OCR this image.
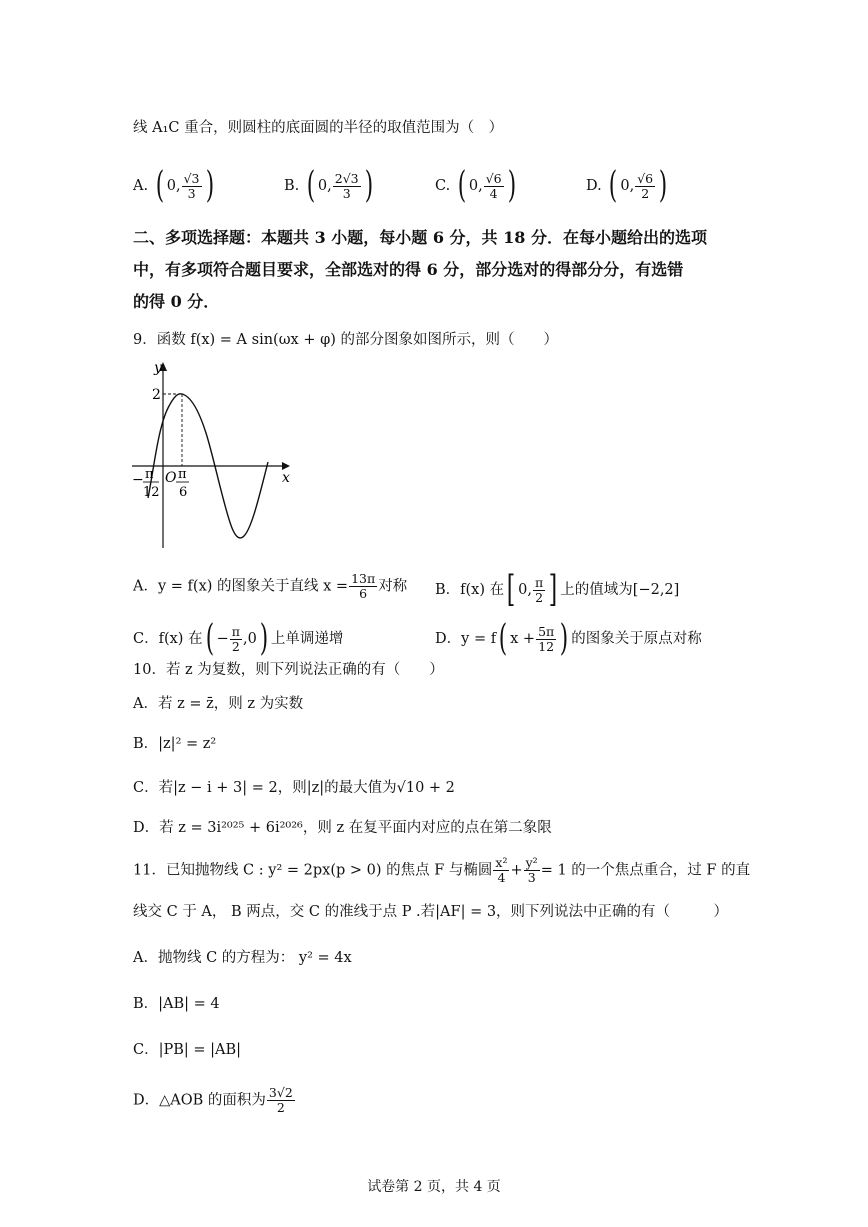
线 A₁C 重合，则圆柱的底面圆的半径的取值范围为（　）
A. ( 0, $\frac{√3}{3}$ )	B. ( 0, $\frac{2√3}{3}$ )	C. ( 0, $\frac{√6}{4}$ )	D. ( 0, $\frac{√6}{2}$ )
二、多项选择题：本题共 3 小题，每小题 6 分，共 18 分．在每小题给出的选项
中，有多项符合题目要求，全部选对的得 6 分，部分选对的得部分分，有选错
的得 0 分．
9．函数 f(x) = A sin(ωx + φ) 的部分图象如图所示，则（　　）
y
x
2
O
− π
12
π
6
A．y = f(x) 的图象关于直线 $x = \frac{13\pi}{6}$ 对称 B．f(x) 在[ 0, $\frac{\pi}{2}$ ] 上的值域为[−2,2]
C．f(x) 在( − $\frac{\pi}{2} ,0$) 上单调递增	D．y = f( $x + \frac{5\pi}{12}$ ) 的图象关于原点对称
10．若 z 为复数，则下列说法正确的有（　　）
A．若 z = z̄，则 z 为实数
B．|z|² = z²
C．若|z − i + 3| = 2，则|z|的最大值为√10 + 2
D．若 z = 3i²⁰²⁵ + 6i²⁰²⁶，则 z 在复平面内对应的点在第二象限
11．已知抛物线 C : y² = 2px(p > 0) 的焦点 F 与椭圆 $\frac{\text{x²}}{4} + \frac{\text{y²}}{3} = 1$ 的一个焦点重合，过 F 的直
线交 C 于 A， B 两点，交 C 的准线于点 P .若|AF| = 3，则下列说法中正确的有（　　　）
A．抛物线 C 的方程为： y² = 4x
B．|AB| = 4
C．|PB| = |AB|
D．△AOB 的面积为 $\frac{3√2}{2}$
试卷第 2 页，共 4 页
